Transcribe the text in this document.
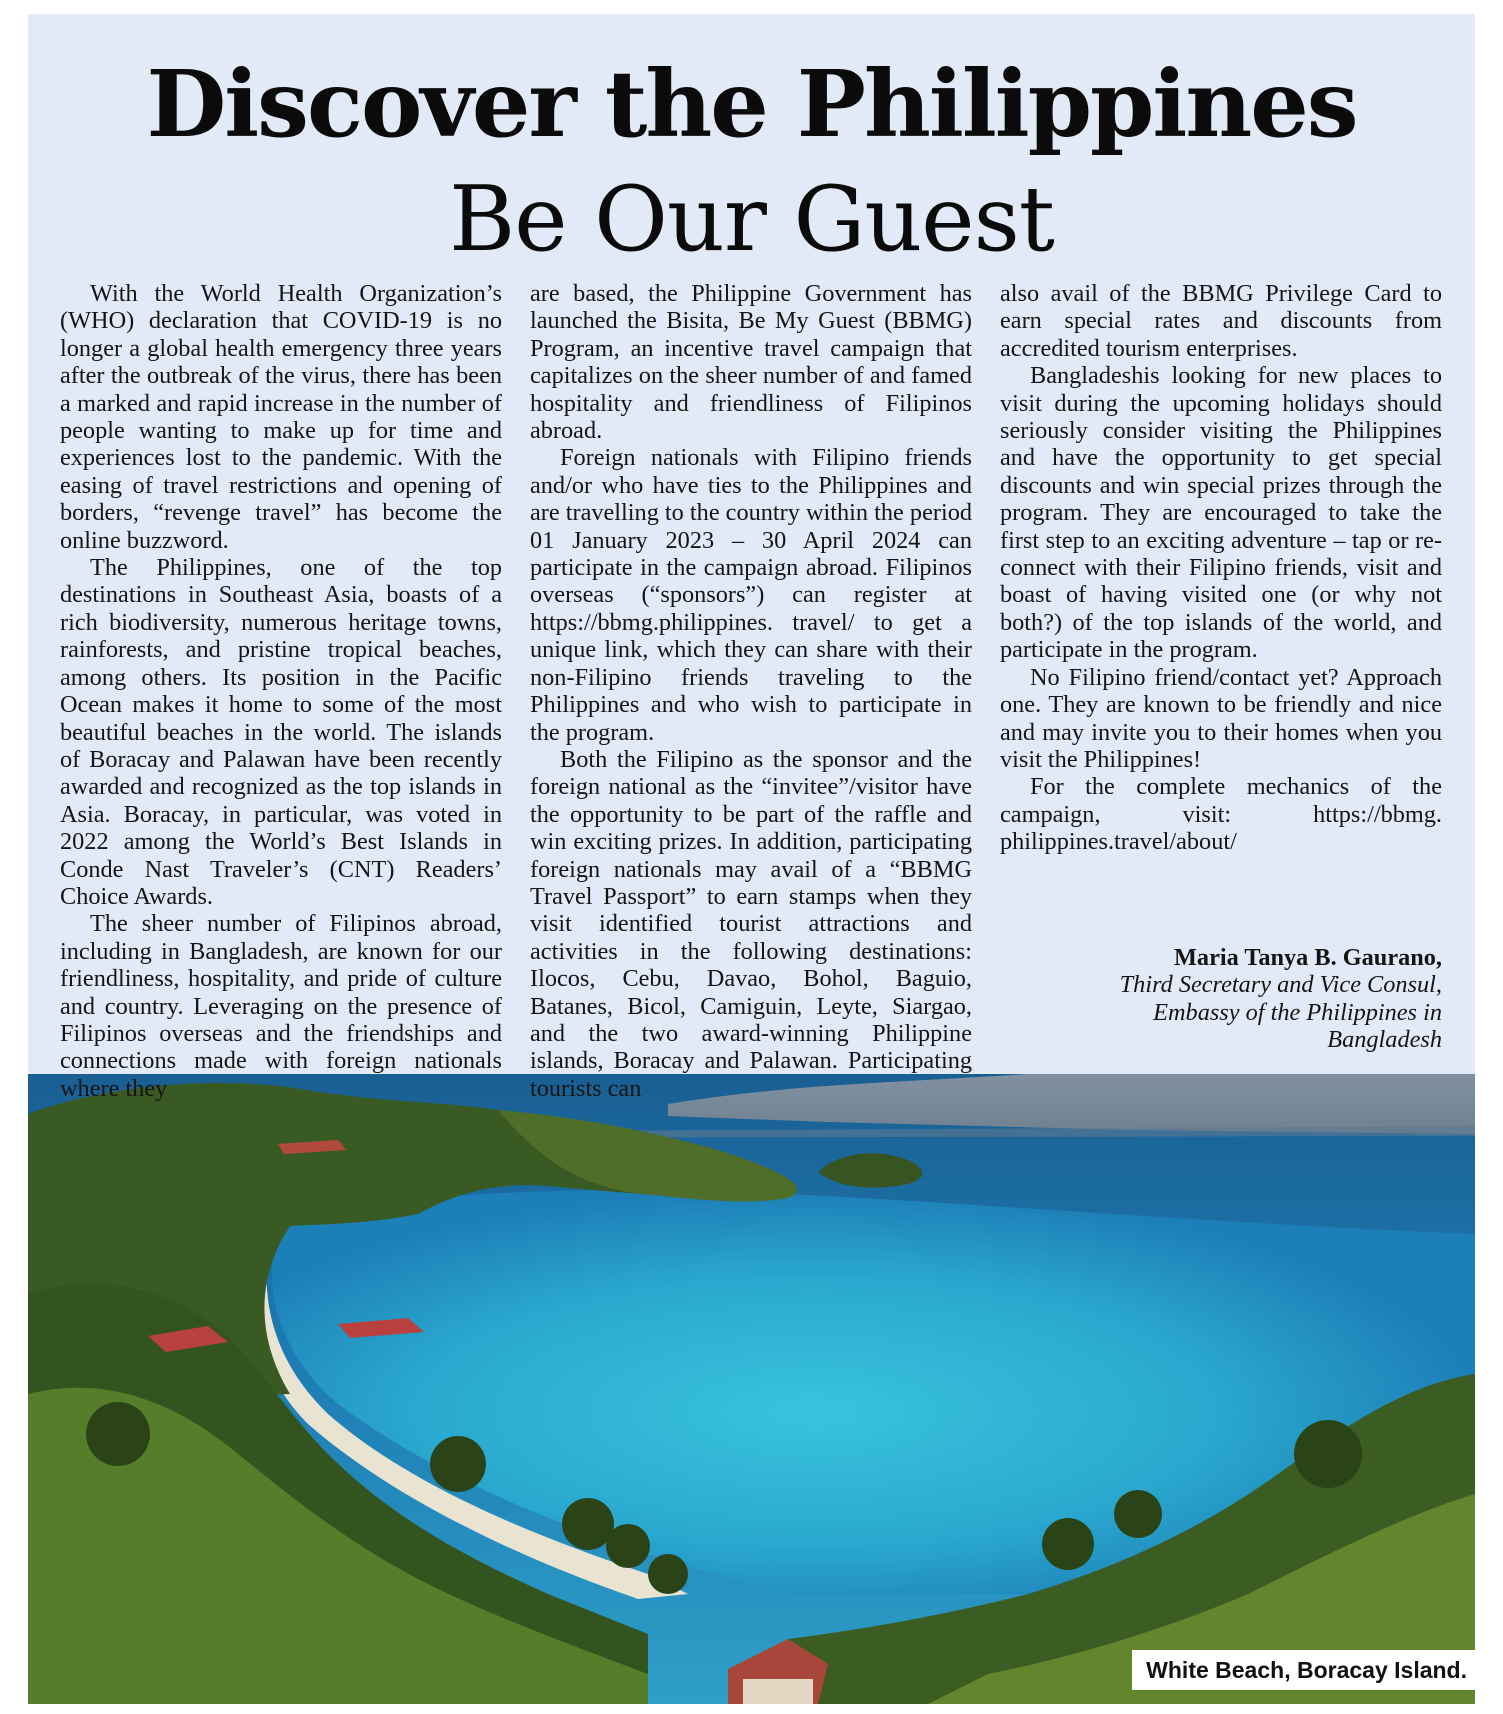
Discover the Philippines
Be Our Guest

With the World Health Organization’s (WHO) declaration that COVID-19 is no longer a global health emergency three years after the outbreak of the virus, there has been a marked and rapid increase in the number of people wanting to make up for time and experiences lost to the pandemic. With the easing of travel restrictions and opening of borders, “revenge travel” has become the online buzzword.

The Philippines, one of the top destinations in Southeast Asia, boasts of a rich biodiversity, numerous heritage towns, rainforests, and pristine tropical beaches, among others. Its position in the Pacific Ocean makes it home to some of the most beautiful beaches in the world. The islands of Boracay and Palawan have been recently awarded and recognized as the top islands in Asia. Boracay, in particular, was voted in 2022 among the World’s Best Islands in Conde Nast Traveler’s (CNT) Readers’ Choice Awards.

The sheer number of Filipinos abroad, including in Bangladesh, are known for our friendliness, hospitality, and pride of culture and country. Leveraging on the presence of Filipinos overseas and the friendships and connections made with foreign nationals where they

are based, the Philippine Government has launched the Bisita, Be My Guest (BBMG) Program, an incentive travel campaign that capitalizes on the sheer number of and famed hospitality and friendliness of Filipinos abroad.

Foreign nationals with Filipino friends and/or who have ties to the Philippines and are travelling to the country within the period 01 January 2023 – 30 April 2024 can participate in the campaign abroad. Filipinos overseas (“sponsors”) can register at https://bbmg.philippines. travel/ to get a unique link, which they can share with their non-Filipino friends traveling to the Philippines and who wish to participate in the program.

Both the Filipino as the sponsor and the foreign national as the “invitee”/visitor have the opportunity to be part of the raffle and win exciting prizes. In addition, participating foreign nationals may avail of a “BBMG Travel Passport” to earn stamps when they visit identified tourist attractions and activities in the following destinations: Ilocos, Cebu, Davao, Bohol, Baguio, Batanes, Bicol, Camiguin, Leyte, Siargao, and the two award-winning Philippine islands, Boracay and Palawan. Participating tourists can

also avail of the BBMG Privilege Card to earn special rates and discounts from accredited tourism enterprises.

Bangladeshis looking for new places to visit during the upcoming holidays should seriously consider visiting the Philippines and have the opportunity to get special discounts and win special prizes through the program. They are encouraged to take the first step to an exciting adventure – tap or re-connect with their Filipino friends, visit and boast of having visited one (or why not both?) of the top islands of the world, and participate in the program.

No Filipino friend/contact yet? Approach one. They are known to be friendly and nice and may invite you to their homes when you visit the Philippines!

For the complete mechanics of the campaign, visit: https://bbmg. philippines.travel/about/

Maria Tanya B. Gaurano,
Third Secretary and Vice Consul,
Embassy of the Philippines in
Bangladesh
White Beach, Boracay Island.
